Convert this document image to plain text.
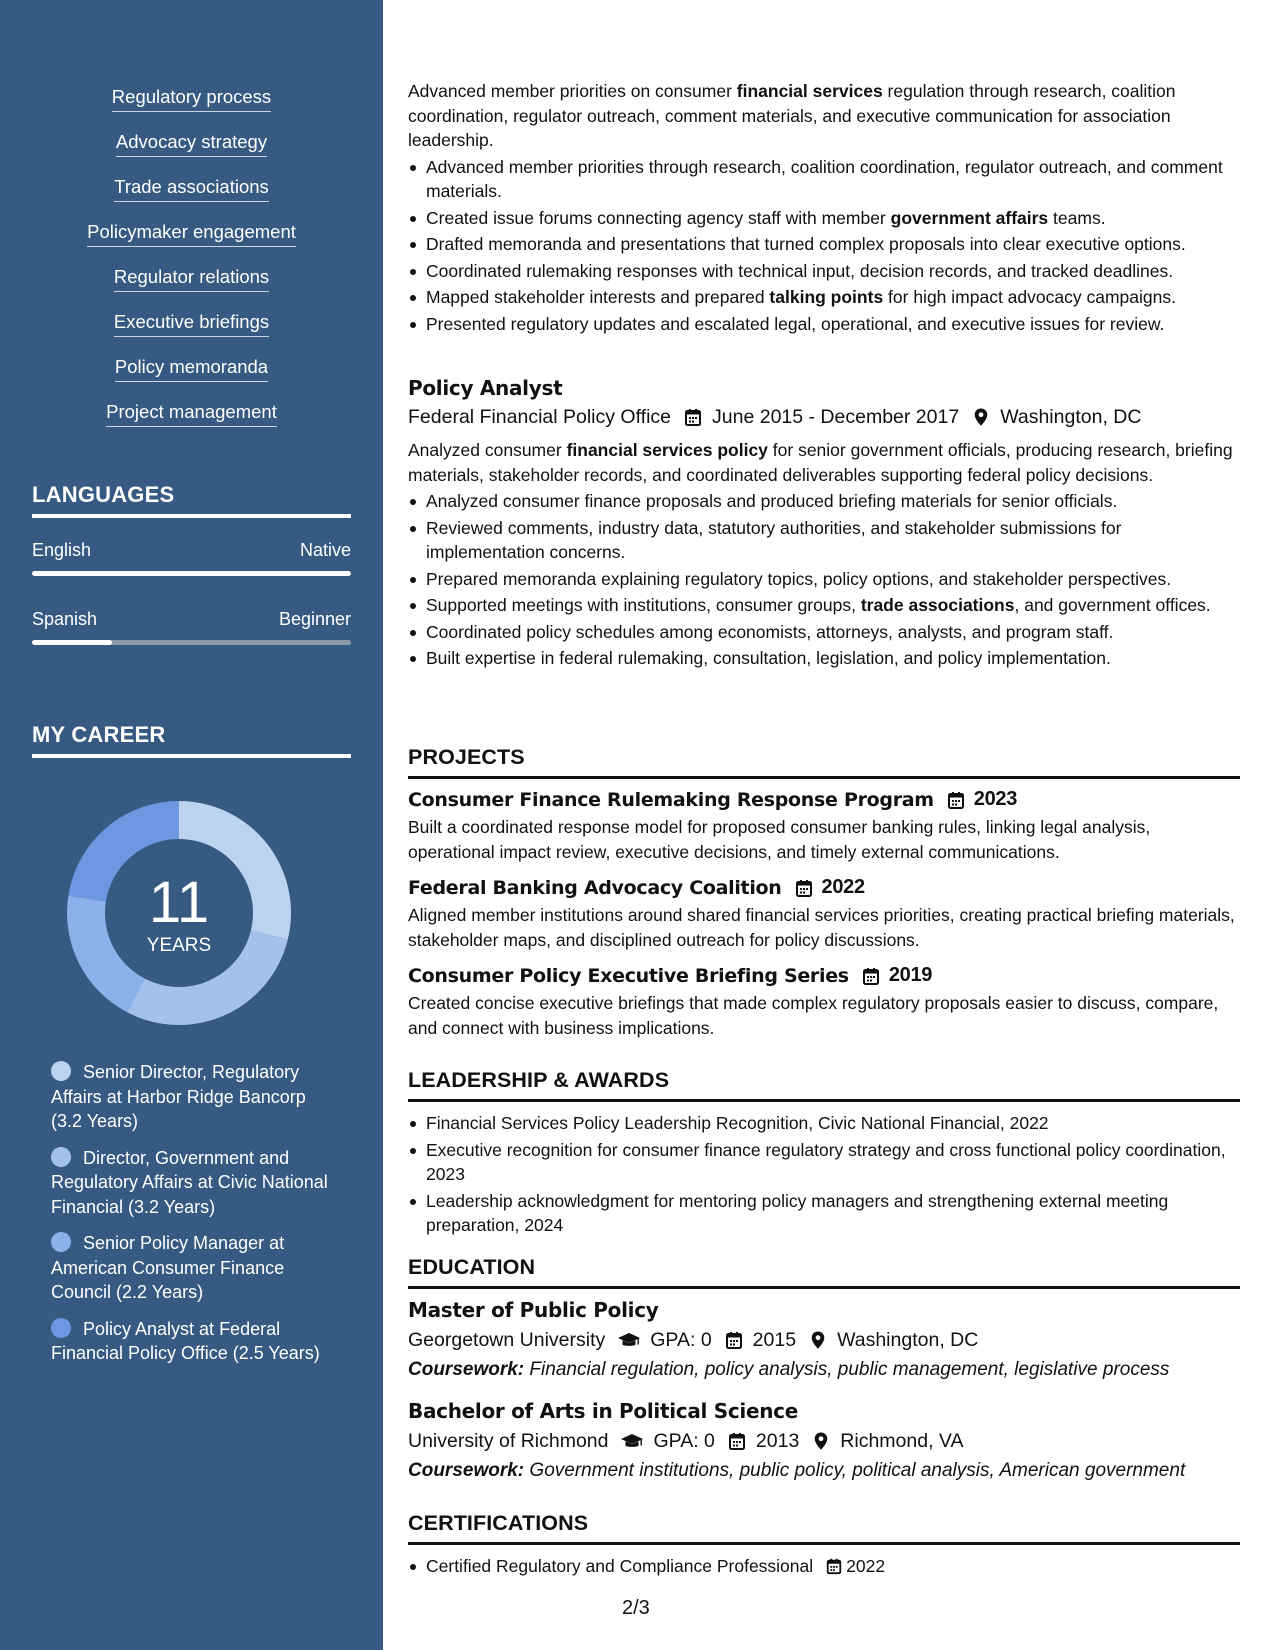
Regulatory process
Advocacy strategy
Trade associations
Policymaker engagement
Regulator relations
Executive briefings
Policy memoranda
Project management
LANGUAGES
English	Native
Spanish	Beginner
MY CAREER
11
YEARS
Senior Director, Regulatory Affairs at Harbor Ridge Bancorp (3.2 Years)
Director, Government and Regulatory Affairs at Civic National Financial (3.2 Years)
Senior Policy Manager at American Consumer Finance Council (2.2 Years)
Policy Analyst at Federal Financial Policy Office (2.5 Years)
Advanced member priorities on consumer financial services regulation through research, coalition coordination, regulator outreach, comment materials, and executive communication for association leadership.
Advanced member priorities through research, coalition coordination, regulator outreach, and comment materials.
Created issue forums connecting agency staff with member government affairs teams.
Drafted memoranda and presentations that turned complex proposals into clear executive options.
Coordinated rulemaking responses with technical input, decision records, and tracked deadlines.
Mapped stakeholder interests and prepared talking points for high impact advocacy campaigns.
Presented regulatory updates and escalated legal, operational, and executive issues for review.
Policy Analyst
Federal Financial Policy Office June 2015 - December 2017 Washington, DC
Analyzed consumer financial services policy for senior government officials, producing research, briefing materials, stakeholder records, and coordinated deliverables supporting federal policy decisions.
Analyzed consumer finance proposals and produced briefing materials for senior officials.
Reviewed comments, industry data, statutory authorities, and stakeholder submissions for implementation concerns.
Prepared memoranda explaining regulatory topics, policy options, and stakeholder perspectives.
Supported meetings with institutions, consumer groups, trade associations, and government offices.
Coordinated policy schedules among economists, attorneys, analysts, and program staff.
Built expertise in federal rulemaking, consultation, legislation, and policy implementation.
PROJECTS
Consumer Finance Rulemaking Response Program 2023
Built a coordinated response model for proposed consumer banking rules, linking legal analysis, operational impact review, executive decisions, and timely external communications.
Federal Banking Advocacy Coalition 2022
Aligned member institutions around shared financial services priorities, creating practical briefing materials, stakeholder maps, and disciplined outreach for policy discussions.
Consumer Policy Executive Briefing Series 2019
Created concise executive briefings that made complex regulatory proposals easier to discuss, compare, and connect with business implications.
LEADERSHIP & AWARDS
Financial Services Policy Leadership Recognition, Civic National Financial, 2022
Executive recognition for consumer finance regulatory strategy and cross functional policy coordination, 2023
Leadership acknowledgment for mentoring policy managers and strengthening external meeting preparation, 2024
EDUCATION
Master of Public Policy
Georgetown University GPA: 0 2015 Washington, DC
Coursework: Financial regulation, policy analysis, public management, legislative process
Bachelor of Arts in Political Science
University of Richmond GPA: 0 2013 Richmond, VA
Coursework: Government institutions, public policy, political analysis, American government
CERTIFICATIONS
Certified Regulatory and Compliance Professional 2022
2/3
